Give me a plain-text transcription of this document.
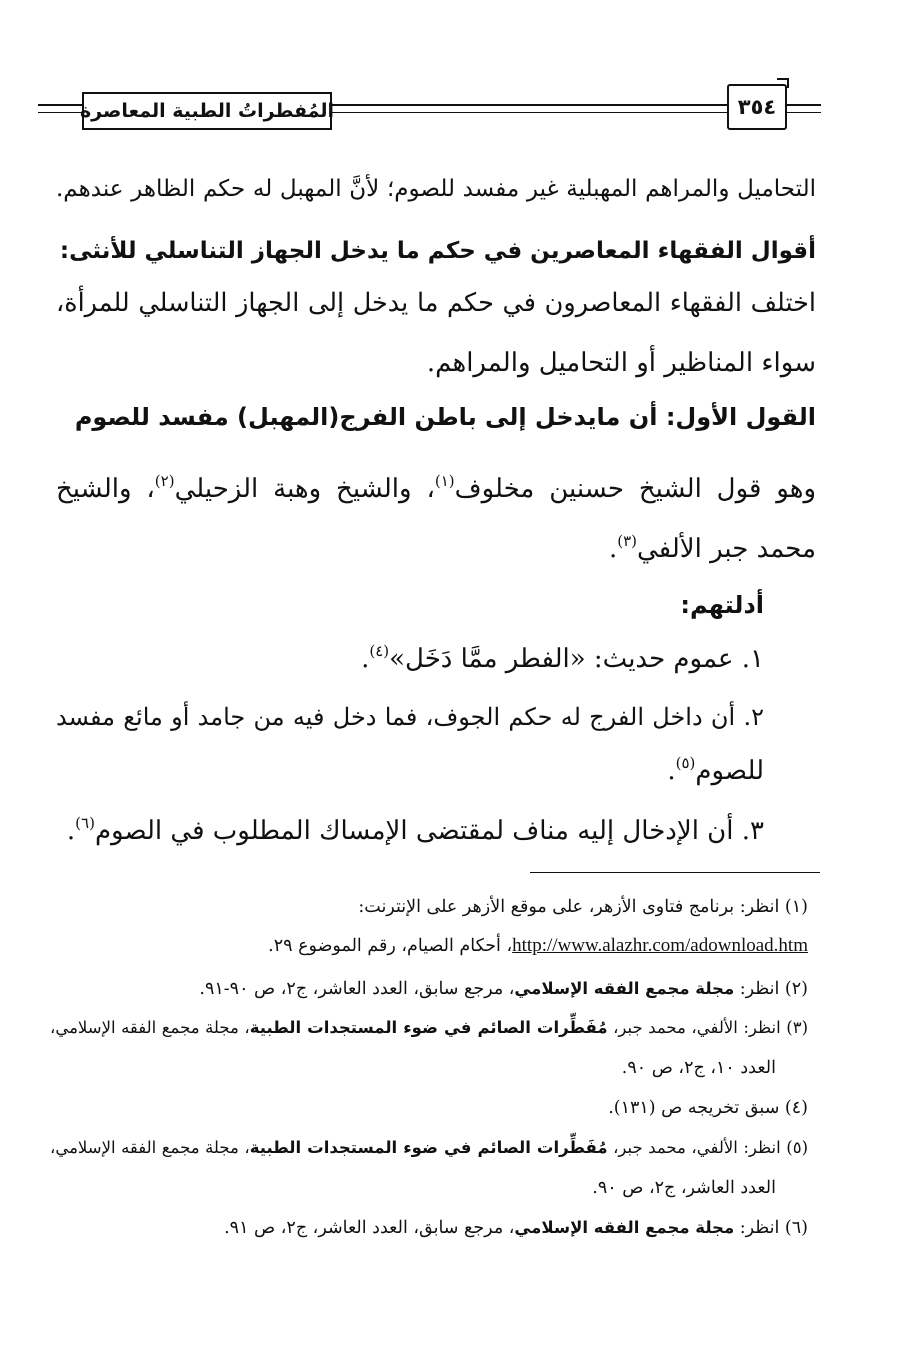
المُفطراتُ الطبية المعاصرة	٣٥٤
التحاميل والمراهم المهبلية غير مفسد للصوم؛ لأنَّ المهبل له حكم الظاهر عندهم.
أقوال الفقهاء المعاصرين في حكم ما يدخل الجهاز التناسلي للأنثى:
اختلف الفقهاء المعاصرون في حكم ما يدخل إلى الجهاز التناسلي للمرأة،
سواء المناظير أو التحاميل والمراهم.
القول الأول: أن مايدخل إلى باطن الفرج(المهبل) مفسد للصوم
وهو قول الشيخ حسنين مخلوف$^{(١)}$، والشيخ وهبة الزحيلي$^{(٢)}$، والشيخ
محمد جبر الألفي$^{(٣)}$.
أدلتهم:
١. عموم حديث: «الفطر ممَّا دَخَل»$^{(٤)}$.
٢. أن داخل الفرج له حكم الجوف، فما دخل فيه من جامد أو مائع مفسد
للصوم$^{(٥)}$.
٣. أن الإدخال إليه مناف لمقتضى الإمساك المطلوب في الصوم$^{(٦)}$.
(١) انظر: برنامج فتاوى الأزهر، على موقع الأزهر على الإنترنت:
http://www.alazhr.com/adownload.htm، أحكام الصيام، رقم الموضوع ٢٩.
(٢) انظر: مجلة مجمع الفقه الإسلامي، مرجع سابق، العدد العاشر، ج٢، ص ٩٠-٩١.
(٣) انظر: الألفي، محمد جبر، مُفَطِّرات الصائم في ضوء المستجدات الطبية، مجلة مجمع الفقه الإسلامي،
العدد ١٠، ج٢، ص ٩٠.
(٤) سبق تخريجه ص (١٣١).
(٥) انظر: الألفي، محمد جبر، مُفَطِّرات الصائم في ضوء المستجدات الطبية، مجلة مجمع الفقه الإسلامي،
العدد العاشر، ج٢، ص ٩٠.
(٦) انظر: مجلة مجمع الفقه الإسلامي، مرجع سابق، العدد العاشر، ج٢، ص ٩١.
